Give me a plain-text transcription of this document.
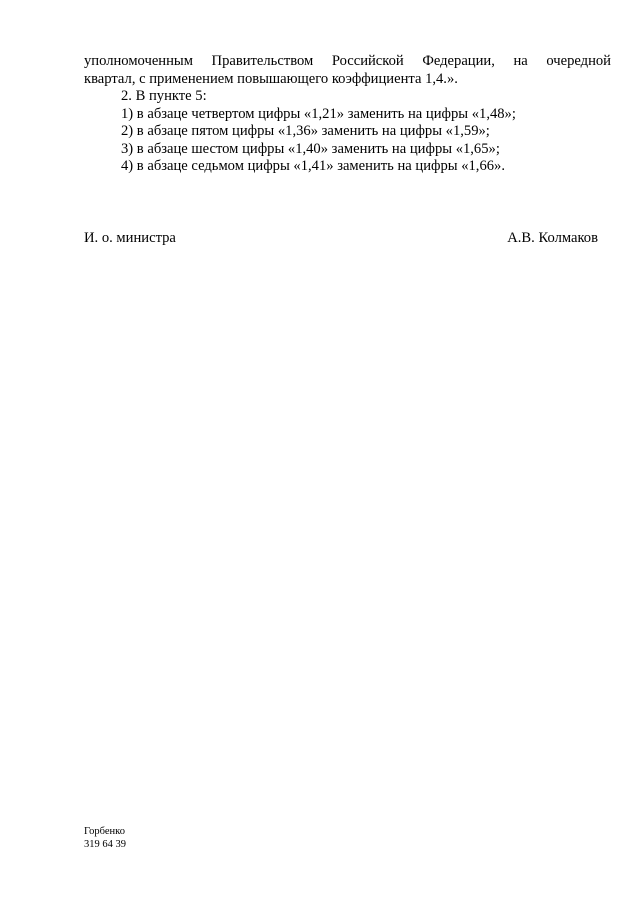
уполномоченным Правительством Российской Федерации, на очередной
квартал, с применением повышающего коэффициента 1,4.».
2. В пункте 5:
1) в абзаце четвертом цифры «1,21» заменить на цифры «1,48»;
2) в абзаце пятом цифры «1,36» заменить на цифры «1,59»;
3) в абзаце шестом цифры «1,40» заменить на цифры «1,65»;
4) в абзаце седьмом цифры «1,41» заменить на цифры «1,66».
И. о. министра	А.В. Колмаков
Горбенко
319 64 39
